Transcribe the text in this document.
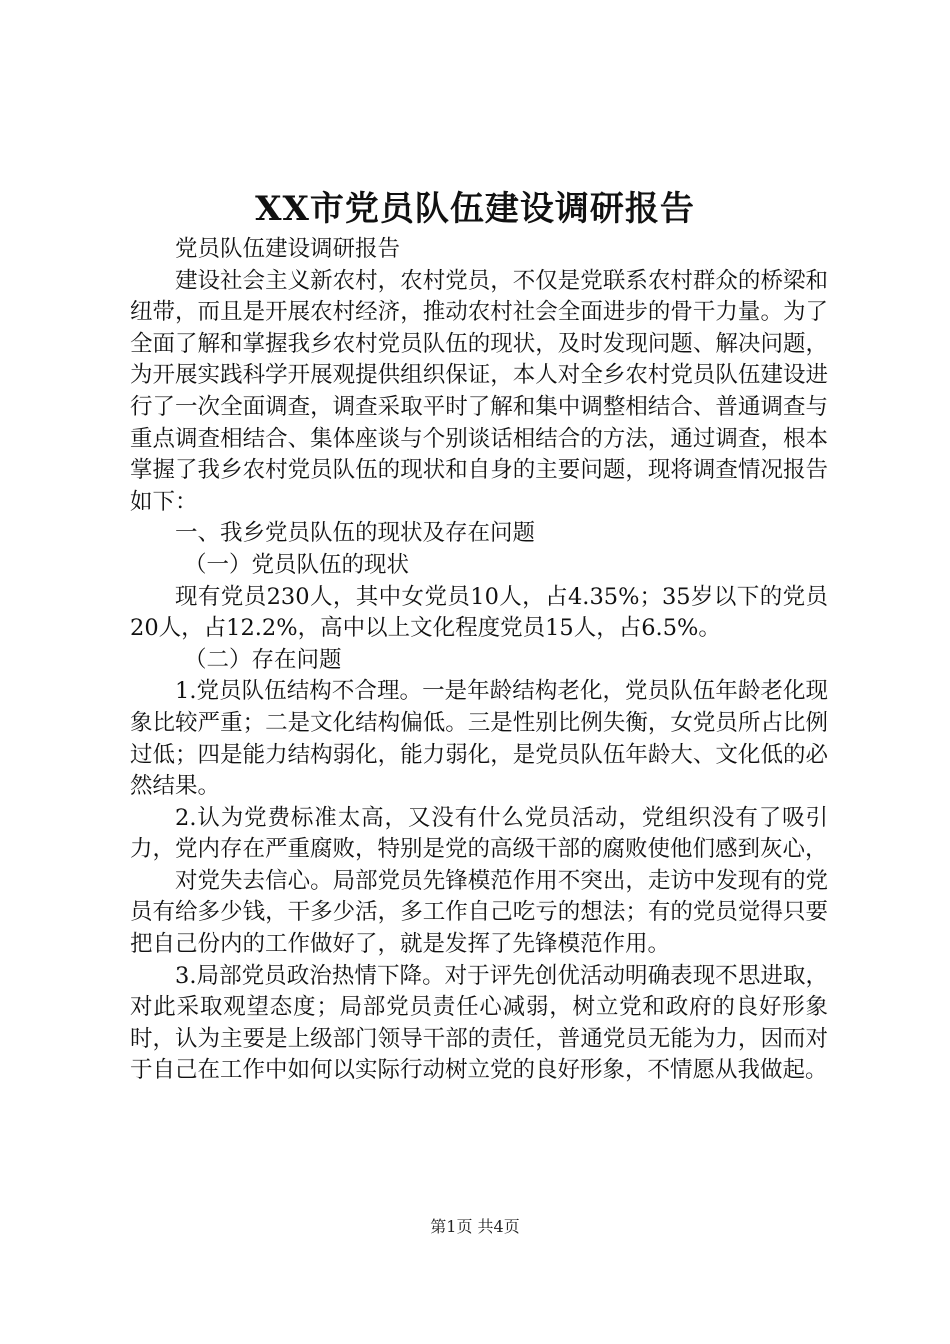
XX市党员队伍建设调研报告

党员队伍建设调研报告

建设社会主义新农村，农村党员，不仅是党联系农村群众的桥梁和纽带，而且是开展农村经济，推动农村社会全面进步的骨干力量。为了全面了解和掌握我乡农村党员队伍的现状，及时发现问题、解决问题，为开展实践科学开展观提供组织保证，本人对全乡农村党员队伍建设进行了一次全面调查，调查采取平时了解和集中调整相结合、普通调查与重点调查相结合、集体座谈与个别谈话相结合的方法，通过调查，根本掌握了我乡农村党员队伍的现状和自身的主要问题，现将调查情况报告如下：

一、我乡党员队伍的现状及存在问题

（一）党员队伍的现状

现有党员230人，其中女党员10人，占4.35%；35岁以下的党员20人，占12.2%，高中以上文化程度党员15人，占6.5%。

（二）存在问题

1.党员队伍结构不合理。一是年龄结构老化，党员队伍年龄老化现象比较严重；二是文化结构偏低。三是性别比例失衡，女党员所占比例过低；四是能力结构弱化，能力弱化，是党员队伍年龄大、文化低的必然结果。

2.认为党费标准太高，又没有什么党员活动，党组织没有了吸引力，党内存在严重腐败，特别是党的高级干部的腐败使他们感到灰心，

对党失去信心。局部党员先锋模范作用不突出，走访中发现有的党员有给多少钱，干多少活，多工作自己吃亏的想法；有的党员觉得只要把自己份内的工作做好了，就是发挥了先锋模范作用。

3.局部党员政治热情下降。对于评先创优活动明确表现不思进取，对此采取观望态度；局部党员责任心减弱，树立党和政府的良好形象时，认为主要是上级部门领导干部的责任，普通党员无能为力，因而对于自己在工作中如何以实际行动树立党的良好形象，不情愿从我做起。

第1页 共4页
